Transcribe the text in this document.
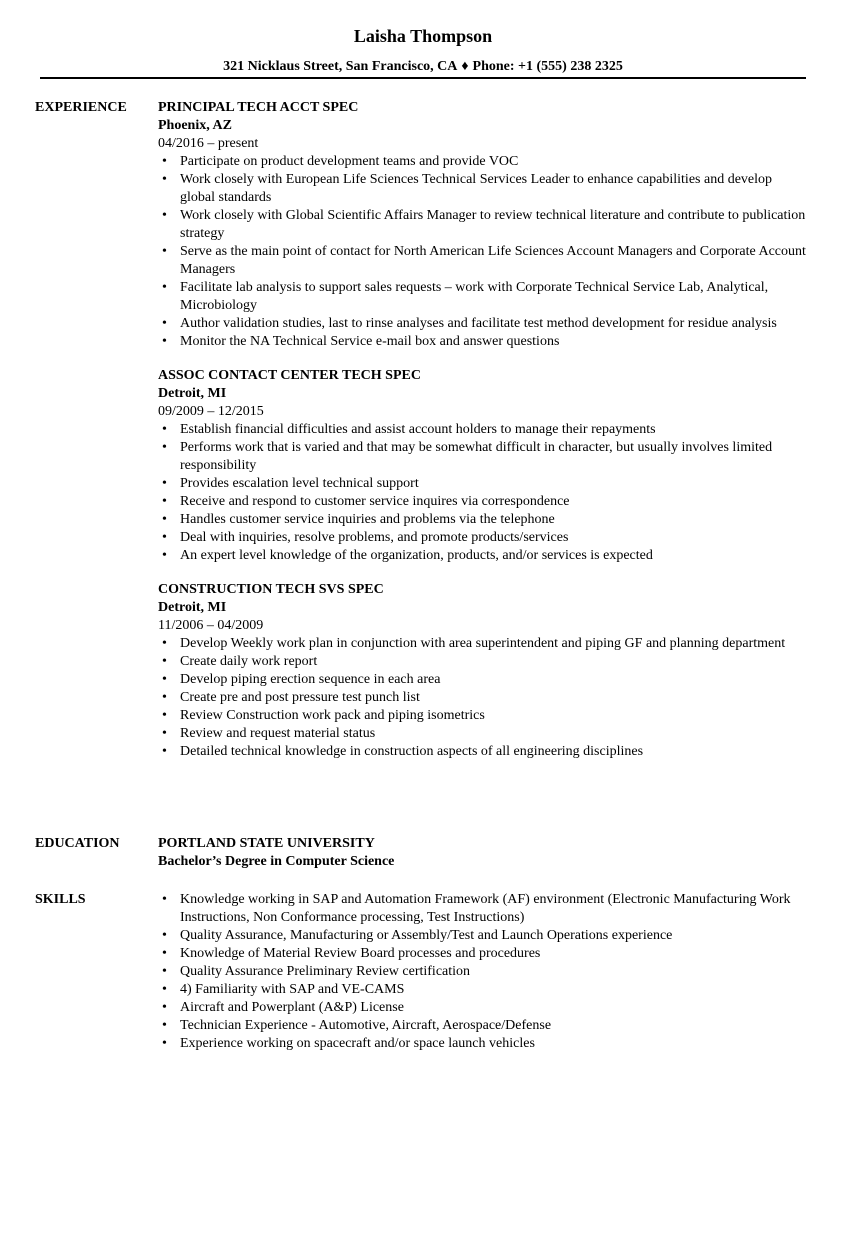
Laisha Thompson
321 Nicklaus Street, San Francisco, CA ♦ Phone: +1 (555) 238 2325
EXPERIENCE	PRINCIPAL TECH ACCT SPEC
Phoenix, AZ
04/2016 – present
• Participate on product development teams and provide VOC
• Work closely with European Life Sciences Technical Services Leader to enhance capabilities and develop global standards
• Work closely with Global Scientific Affairs Manager to review technical literature and contribute to publication strategy
• Serve as the main point of contact for North American Life Sciences Account Managers and Corporate Account Managers
• Facilitate lab analysis to support sales requests – work with Corporate Technical Service Lab, Analytical, Microbiology
• Author validation studies, last to rinse analyses and facilitate test method development for residue analysis
• Monitor the NA Technical Service e-mail box and answer questions
ASSOC CONTACT CENTER TECH SPEC
Detroit, MI
09/2009 – 12/2015
• Establish financial difficulties and assist account holders to manage their repayments
• Performs work that is varied and that may be somewhat difficult in character, but usually involves limited responsibility
• Provides escalation level technical support
• Receive and respond to customer service inquires via correspondence
• Handles customer service inquiries and problems via the telephone
• Deal with inquiries, resolve problems, and promote products/services
• An expert level knowledge of the organization, products, and/or services is expected
CONSTRUCTION TECH SVS SPEC
Detroit, MI
11/2006 – 04/2009
• Develop Weekly work plan in conjunction with area superintendent and piping GF and planning department
• Create daily work report
• Develop piping erection sequence in each area
• Create pre and post pressure test punch list
• Review Construction work pack and piping isometrics
• Review and request material status
• Detailed technical knowledge in construction aspects of all engineering disciplines
EDUCATION	PORTLAND STATE UNIVERSITY
Bachelor’s Degree in Computer Science
SKILLS	• Knowledge working in SAP and Automation Framework (AF) environment (Electronic Manufacturing Work Instructions, Non Conformance processing, Test Instructions)
• Quality Assurance, Manufacturing or Assembly/Test and Launch Operations experience
• Knowledge of Material Review Board processes and procedures
• Quality Assurance Preliminary Review certification
• 4) Familiarity with SAP and VE-CAMS
• Aircraft and Powerplant (A&P) License
• Technician Experience - Automotive, Aircraft, Aerospace/Defense
• Experience working on spacecraft and/or space launch vehicles
